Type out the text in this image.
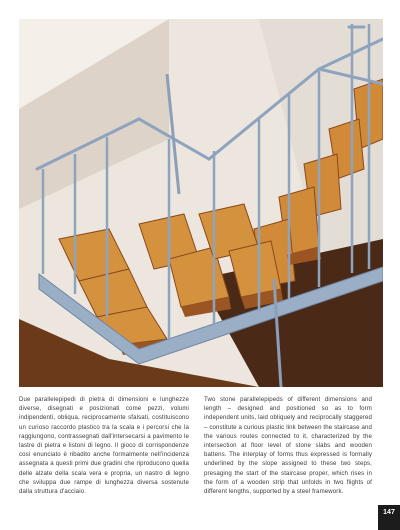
Due parallelepipedi di pietra di dimensioni e lunghezze diverse, disegnati e posizionati come pezzi, volumi indipendenti, obliqua, reciprocamente sfalsati, costituiscono un curioso raccordo plastico tra la scala e i percorsi che la raggiungono, contrassegnati dall'intersecarsi a pavimento le lastre di pietra e listoni di legno. Il gioco di corrispondenze così enunciato è ribadito anche formalmente nell'incidenza assegnata a questi primi due gradini che riproducono quella delle alzate della scala vera e propria, un nastro di legno che sviluppa due rampe di lunghezza diversa sostenute dalla struttura d'acciaio.

Two stone parallelepipeds of different dimensions and length – designed and positioned so as to form independent units, laid obliquely and reciprocally staggered – constitute a curious plastic link between the staircase and the various routes connected to it, characterized by the intersection at floor level of stone slabs and wooden battens. The interplay of forms thus expressed is formally underlined by the slope assigned to these two steps, presaging the start of the staircase proper, which rises in the form of a wooden strip that unfolds in two flights of different lengths, supported by a steel framework.

147
